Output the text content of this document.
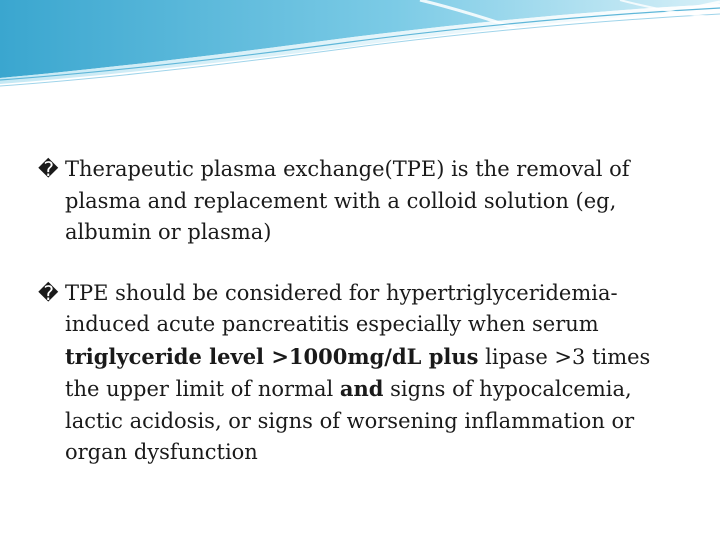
� Therapeutic plasma exchange(TPE) is the removal of plasma and replacement with a colloid solution (eg, albumin or plasma)
� TPE should be considered for hypertriglyceridemia-induced acute pancreatitis especially when serum triglyceride level >1000mg/dL plus lipase >3 times the upper limit of normal and signs of hypocalcemia, lactic acidosis, or signs of worsening inflammation or organ dysfunction
